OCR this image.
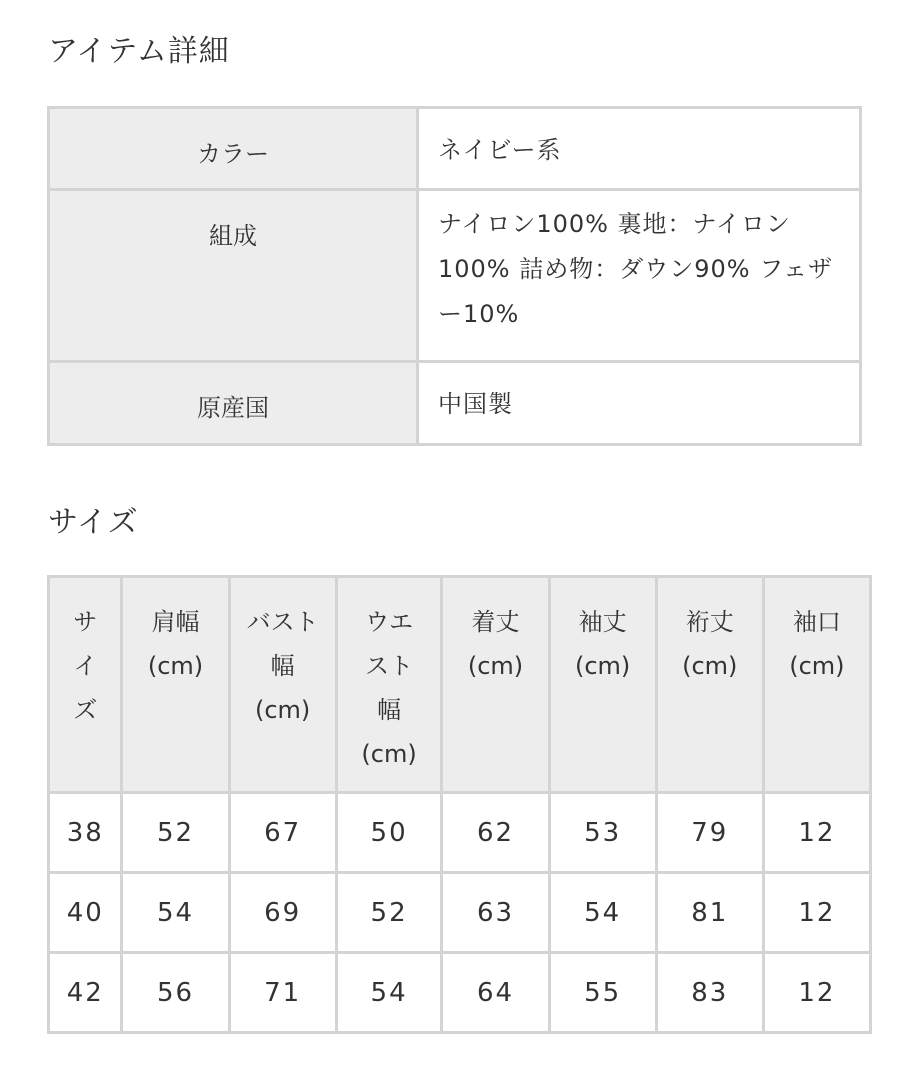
アイテム詳細
カラー	ネイビー系
組成	ナイロン100% 裏地：ナイロン100% 詰め物：ダウン90% フェザー10%
原産国	中国製
サイズ
サイズ	肩幅(cm)	バスト幅(cm)	ウエスト幅(cm)	着丈(cm)	袖丈(cm)	裄丈(cm)	袖口(cm)
38	52	67	50	62	53	79	12
40	54	69	52	63	54	81	12
42	56	71	54	64	55	83	12
